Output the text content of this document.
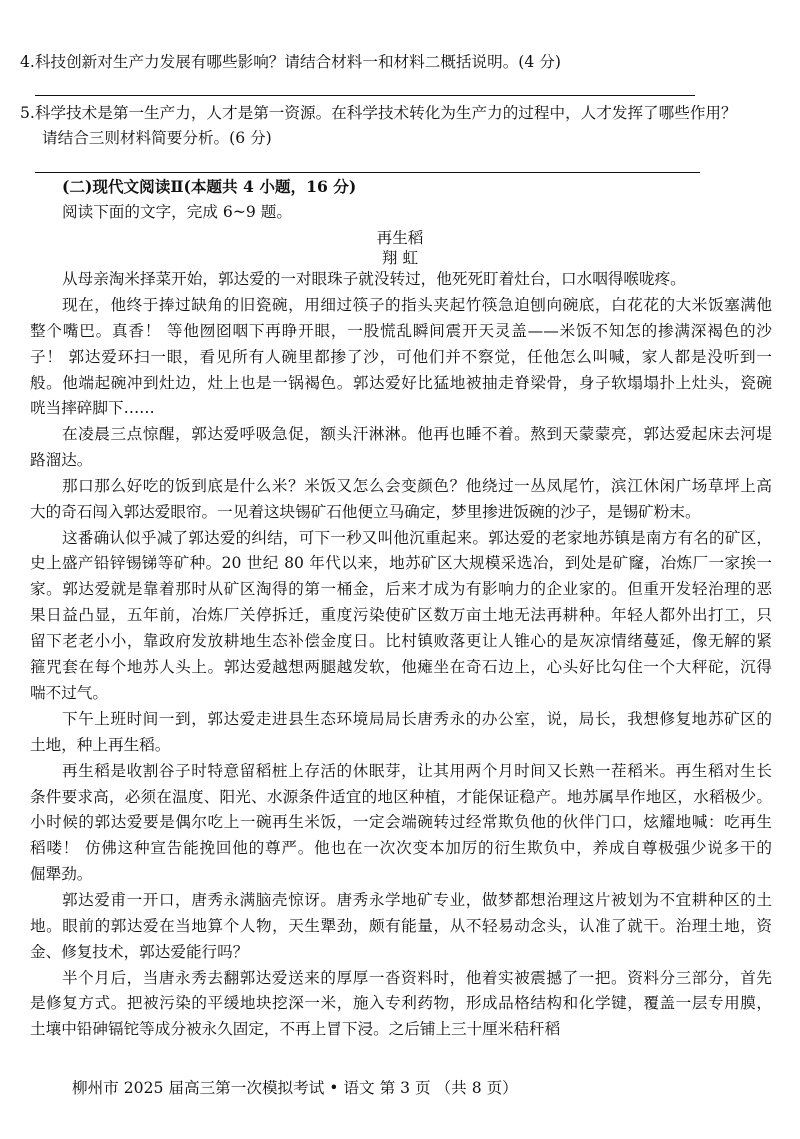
4.科技创新对生产力发展有哪些影响？请结合材料一和材料二概括说明。(4 分)
5.科学技术是第一生产力，人才是第一资源。在科学技术转化为生产力的过程中，人才发挥了哪些作用？
请结合三则材料简要分析。(6 分)
(二)现代文阅读Ⅱ(本题共 4 小题，16 分)
阅读下面的文字，完成 6~9 题。
再生稻
翔 虹
从母亲淘米择菜开始，郭达爱的一对眼珠子就没转过，他死死盯着灶台，口水咽得喉咙疼。
现在，他终于捧过缺角的旧瓷碗，用细过筷子的指头夹起竹筷急迫刨向碗底，白花花的大米饭塞满他
整个嘴巴。真香！ 等他囫囵咽下再睁开眼，一股慌乱瞬间震开天灵盖——米饭不知怎的掺满深褐色的沙
子！ 郭达爱环扫一眼，看见所有人碗里都掺了沙，可他们并不察觉，任他怎么叫喊，家人都是没听到一
般。他端起碗冲到灶边，灶上也是一锅褐色。郭达爱好比猛地被抽走脊梁骨，身子软塌塌扑上灶头，瓷碗
咣当摔碎脚下……
在凌晨三点惊醒，郭达爱呼吸急促，额头汗淋淋。他再也睡不着。熬到天蒙蒙亮，郭达爱起床去河堤
路溜达。
那口那么好吃的饭到底是什么米？米饭又怎么会变颜色？他绕过一丛凤尾竹，滨江休闲广场草坪上高
大的奇石闯入郭达爱眼帘。一见着这块锡矿石他便立马确定，梦里掺进饭碗的沙子，是锡矿粉末。
这番确认似乎减了郭达爱的纠结，可下一秒又叫他沉重起来。郭达爱的老家地苏镇是南方有名的矿区，
史上盛产铅锌锡锑等矿种。20 世纪 80 年代以来，地苏矿区大规模采选冶，到处是矿窿，冶炼厂一家挨一
家。郭达爱就是靠着那时从矿区淘得的第一桶金，后来才成为有影响力的企业家的。但重开发轻治理的恶
果日益凸显，五年前，冶炼厂关停拆迁，重度污染使矿区数万亩土地无法再耕种。年轻人都外出打工，只
留下老老小小，靠政府发放耕地生态补偿金度日。比村镇败落更让人锥心的是灰凉情绪蔓延，像无解的紧
箍咒套在每个地苏人头上。郭达爱越想两腿越发软，他瘫坐在奇石边上，心头好比勾住一个大秤砣，沉得
喘不过气。
下午上班时间一到，郭达爱走进县生态环境局局长唐秀永的办公室，说，局长，我想修复地苏矿区的
土地，种上再生稻。
再生稻是收割谷子时特意留稻桩上存活的休眠芽，让其用两个月时间又长熟一茬稻米。再生稻对生长
条件要求高，必须在温度、阳光、水源条件适宜的地区种植，才能保证稳产。地苏属旱作地区，水稻极少。
小时候的郭达爱要是偶尔吃上一碗再生米饭，一定会端碗转过经常欺负他的伙伴门口，炫耀地喊：吃再生
稻喽！ 仿佛这种宣告能挽回他的尊严。他也在一次次变本加厉的衍生欺负中，养成自尊极强少说多干的
倔犟劲。
郭达爱甫一开口，唐秀永满脑壳惊讶。唐秀永学地矿专业，做梦都想治理这片被划为不宜耕种区的土
地。眼前的郭达爱在当地算个人物，天生犟劲，颇有能量，从不轻易动念头，认准了就干。治理土地，资
金、修复技术，郭达爱能行吗？
半个月后，当唐永秀去翻郭达爱送来的厚厚一沓资料时，他着实被震撼了一把。资料分三部分，首先
是修复方式。把被污染的平缓地块挖深一米，施入专利药物，形成品格结构和化学键，覆盖一层专用膜，
土壤中铅砷镉铊等成分被永久固定，不再上冒下浸。之后铺上三十厘米秸秆稻
柳州市 2025 届高三第一次模拟考试 • 语文 第 3 页 （共 8 页）
